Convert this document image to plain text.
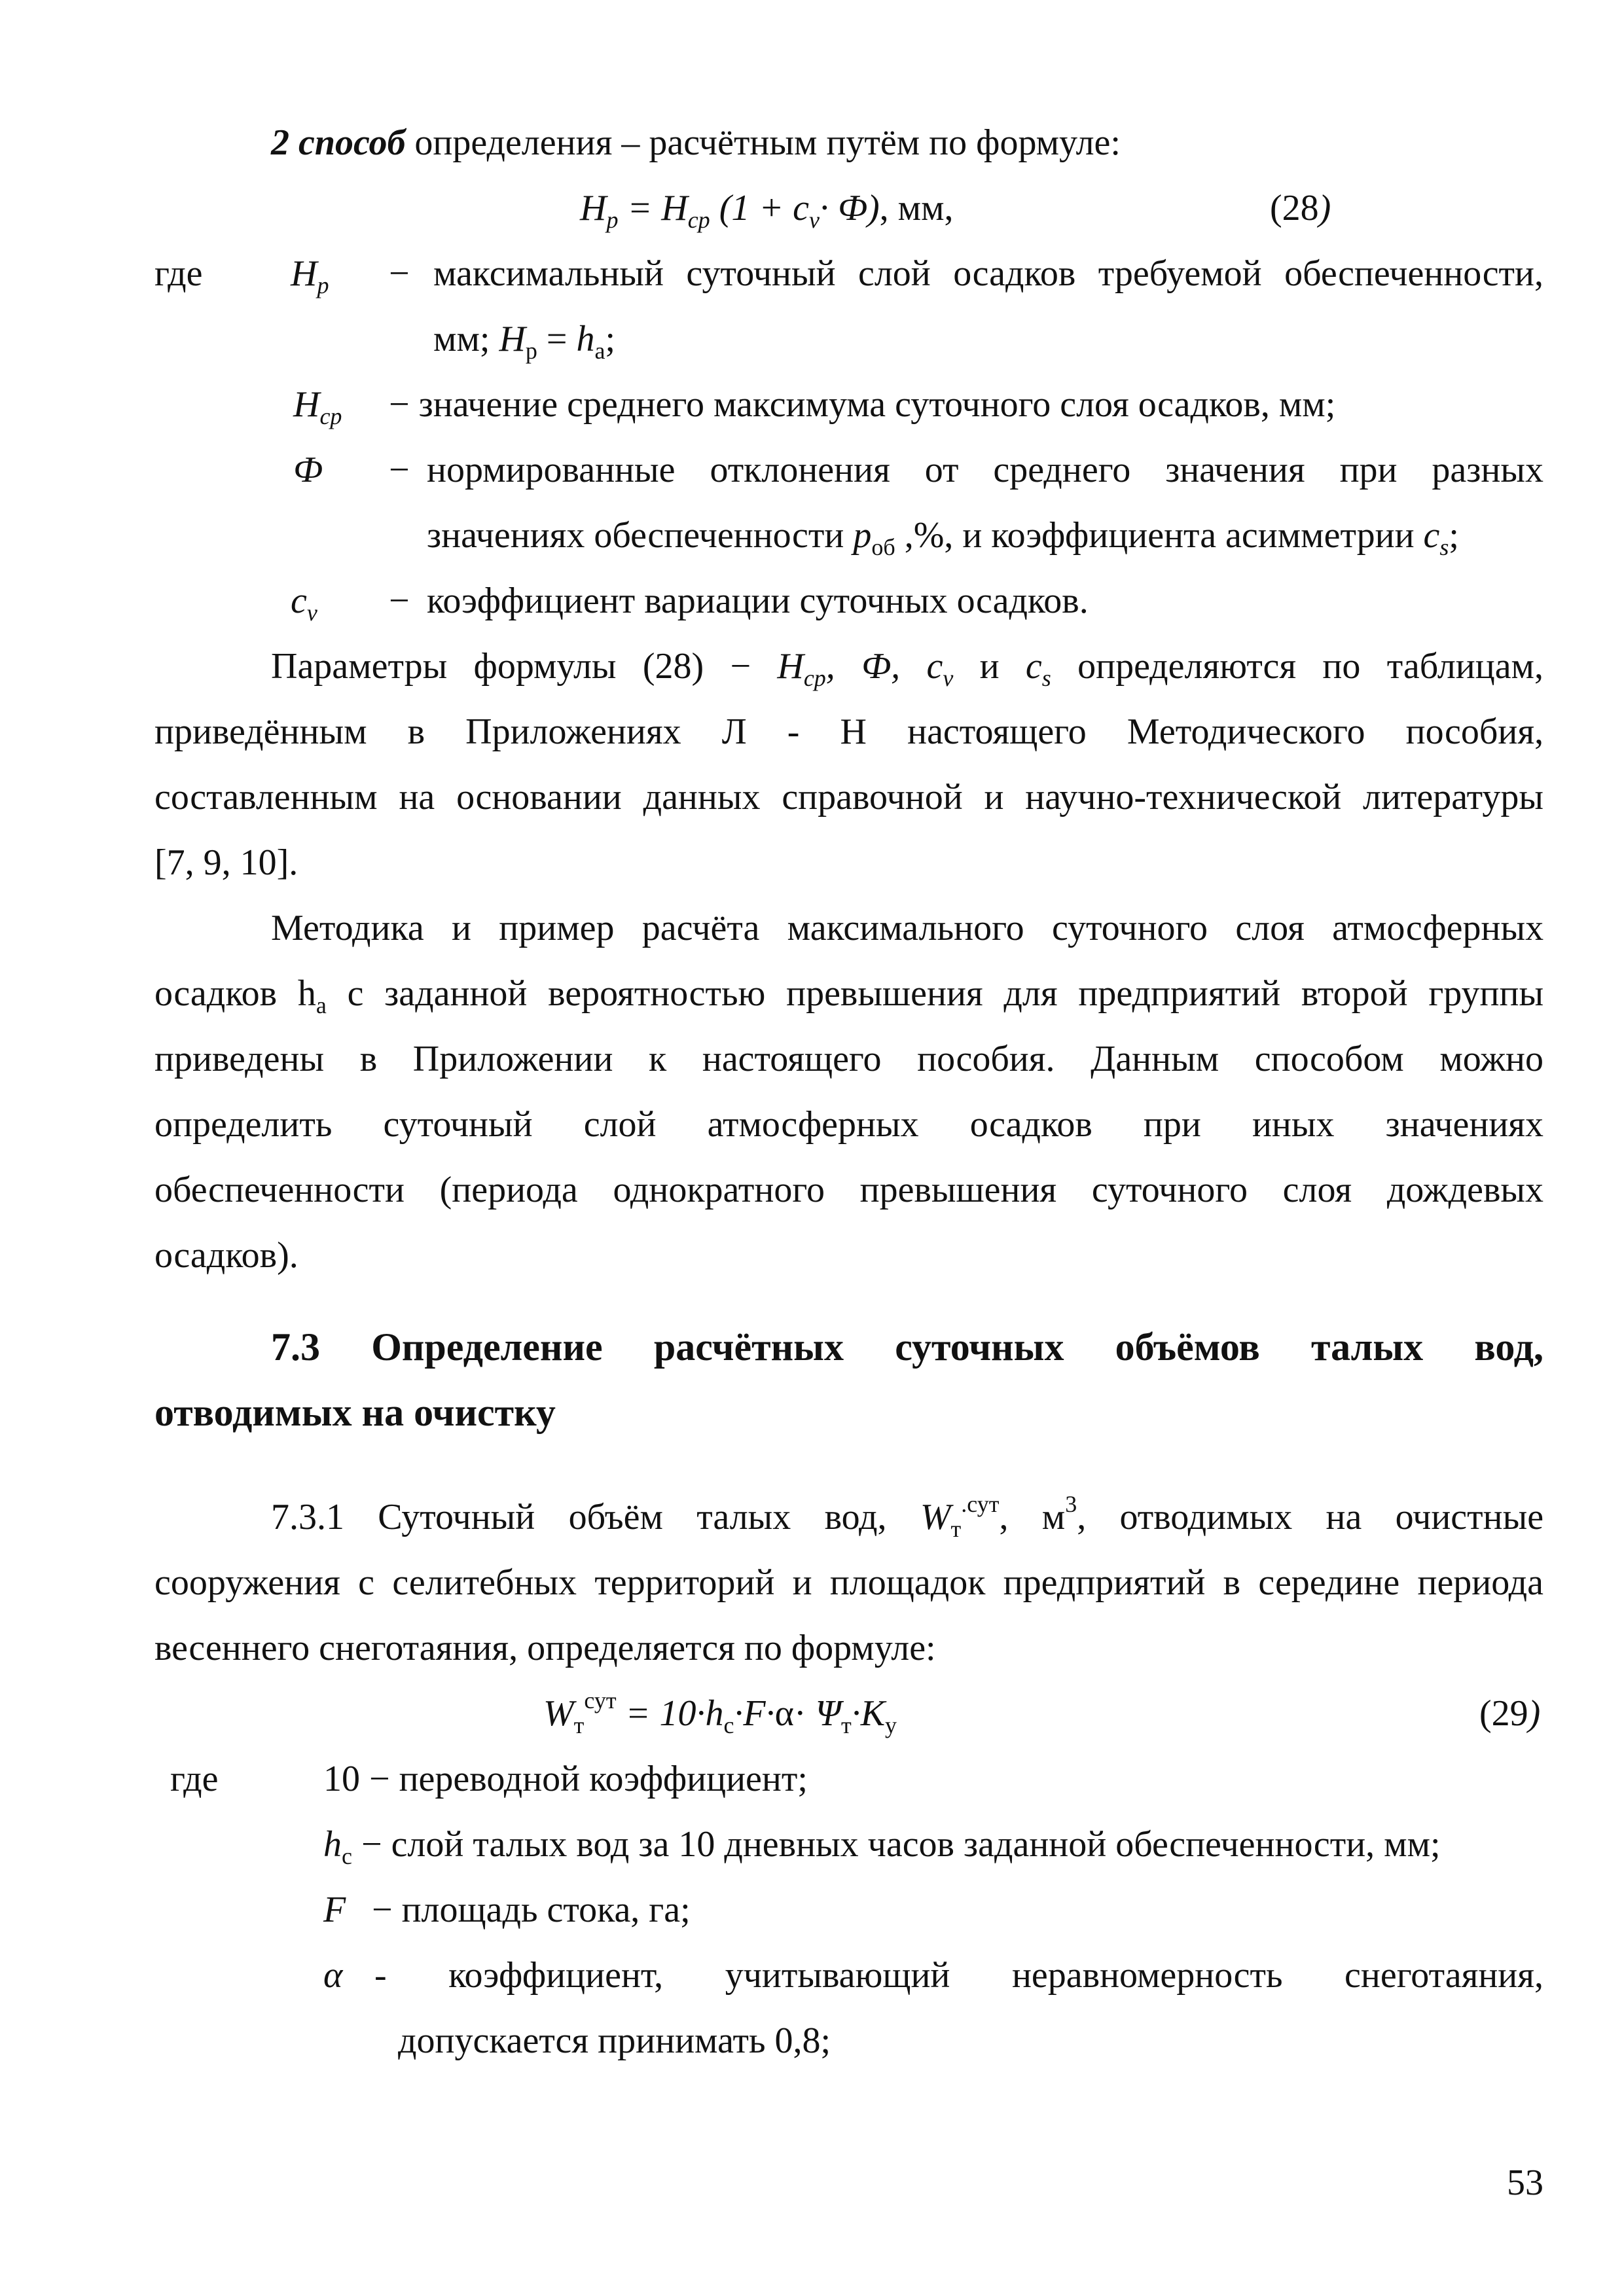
2 способ определения – расчётным путём по формуле:
$H_p = H_{ср}$ $(1 + c_v\cdot Ф)$, мм,	(28)
где $H_p$ − максимальный суточный слой осадков требуемой обеспеченности,
мм; $H_р = h_а$;
$H_{ср}$ − значение среднего максимума суточного слоя осадков, мм;
Ф − нормированные отклонения от среднего значения при разных
значениях обеспеченности $p_{об}$ ,%, и коэффициента асимметрии $c_s$;
$c_v$ − коэффициент вариации суточных осадков.
Параметры формулы $(28) - H_{ср}$, Ф, $c_v$ и $c_s$ определяются по таблицам,
приведённым в Приложениях Л - Н настоящего Методического пособия,
составленным на основании данных справочной и научно-технической литературы
[7, 9, 10].
Методика и пример расчёта максимального суточного слоя атмосферных
осадков $h_a$ с заданной вероятностью превышения для предприятий второй группы
приведены в Приложении к настоящего пособия. Данным способом можно
определить суточный слой атмосферных осадков при иных значениях
обеспеченности (периода однократного превышения суточного слоя дождевых
осадков).
7.3 Определение расчётных суточных объёмов талых вод,
отводимых на очистку
7.3.1 Суточный объём талых вод, $W_т^{.сут}$, $м^3$, отводимых на очистные
сооружения с селитебных территорий и площадок предприятий в середине периода
весеннего снеготаяния, определяется по формуле:
$W_т^{сут} = 10\cdot h_с\cdot F\cdot\alpha\cdot \Psi_т\cdot К_у$	(29)
где	10 − переводной коэффициент;
$h_с$ − слой талых вод за 10 дневных часов заданной обеспеченности, мм;
F − площадь стока, га;
α - коэффициент, учитывающий неравномерность снеготаяния,
допускается принимать 0,8;
53
